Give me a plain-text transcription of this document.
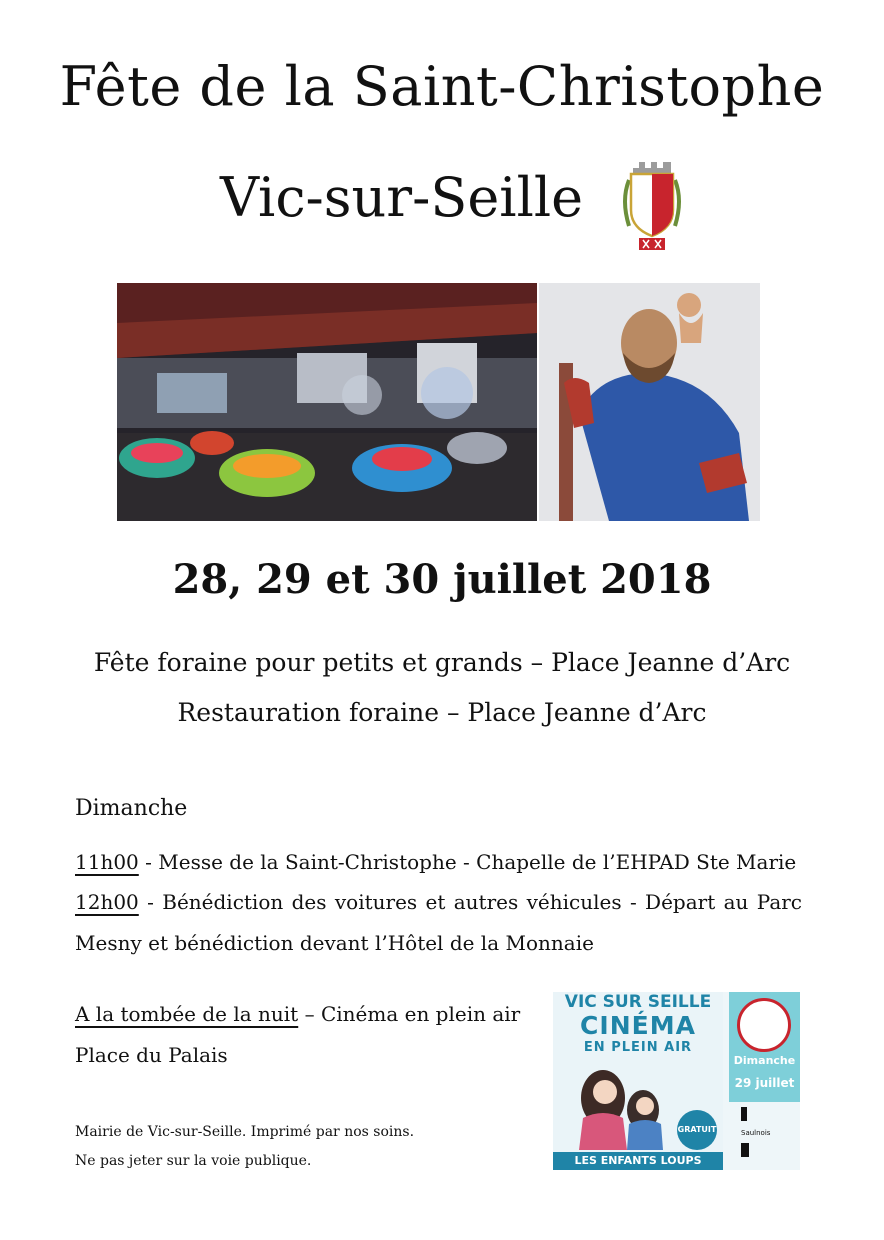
Fête de la Saint-Christophe
Vic-sur-Seille
28, 29 et 30 juillet 2018
Fête foraine pour petits et grands – Place Jeanne d’Arc
Restauration foraine – Place Jeanne d’Arc
Dimanche
11h00 - Messe de la Saint-Christophe - Chapelle de l’EHPAD Ste Marie
12h00 - Bénédiction des voitures et autres véhicules - Départ au Parc Mesny et bénédiction devant l’Hôtel de la Monnaie
A la tombée de la nuit – Cinéma en plein air
Place du Palais
Mairie de Vic-sur-Seille. Imprimé par nos soins.
Ne pas jeter sur la voie publique.
VIC SUR SEILLE
CINÉMA
EN PLEIN AIR
GRATUIT
LES ENFANTS LOUPS
Dimanche
29 juillet
Saulnois
